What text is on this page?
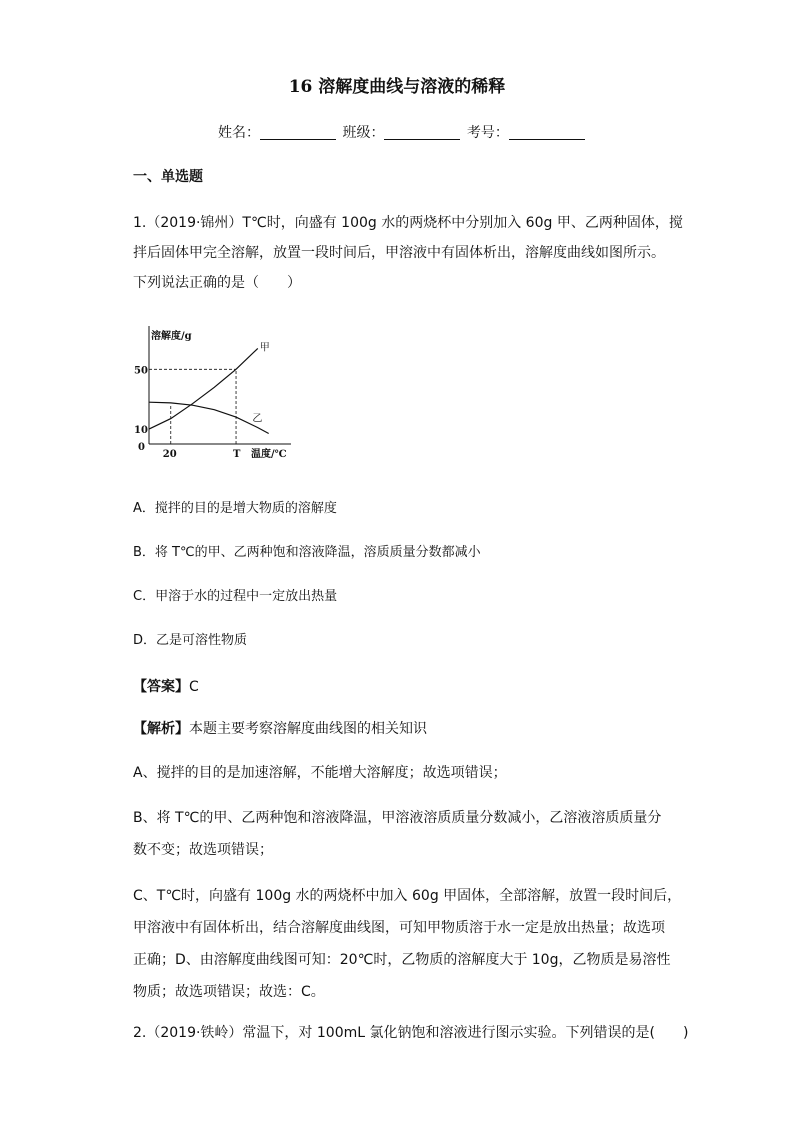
16 溶解度曲线与溶液的稀释
姓名：	班级：	考号：
一、单选题
1.（2019·锦州）T℃时，向盛有 100g 水的两烧杯中分别加入 60g 甲、乙两种固体，搅
拌后固体甲完全溶解，放置一段时间后，甲溶液中有固体析出，溶解度曲线如图所示。
下列说法正确的是（　　）
溶解度/g
温度/℃
0
50
10
20	T
甲
乙
A．搅拌的目的是增大物质的溶解度
B．将 T℃的甲、乙两种饱和溶液降温，溶质质量分数都减小
C．甲溶于水的过程中一定放出热量
D．乙是可溶性物质
【答案】C
【解析】本题主要考察溶解度曲线图的相关知识
A、搅拌的目的是加速溶解，不能增大溶解度；故选项错误；
B、将 T℃的甲、乙两种饱和溶液降温，甲溶液溶质质量分数减小，乙溶液溶质质量分
数不变；故选项错误；
C、T℃时，向盛有 100g 水的两烧杯中加入 60g 甲固体，全部溶解，放置一段时间后，
甲溶液中有固体析出，结合溶解度曲线图，可知甲物质溶于水一定是放出热量；故选项
正确；D、由溶解度曲线图可知：20℃时，乙物质的溶解度大于 10g，乙物质是易溶性
物质；故选项错误；故选：C。
2.（2019·铁岭）常温下，对 100mL 氯化钠饱和溶液进行图示实验。下列错误的是(　　)
